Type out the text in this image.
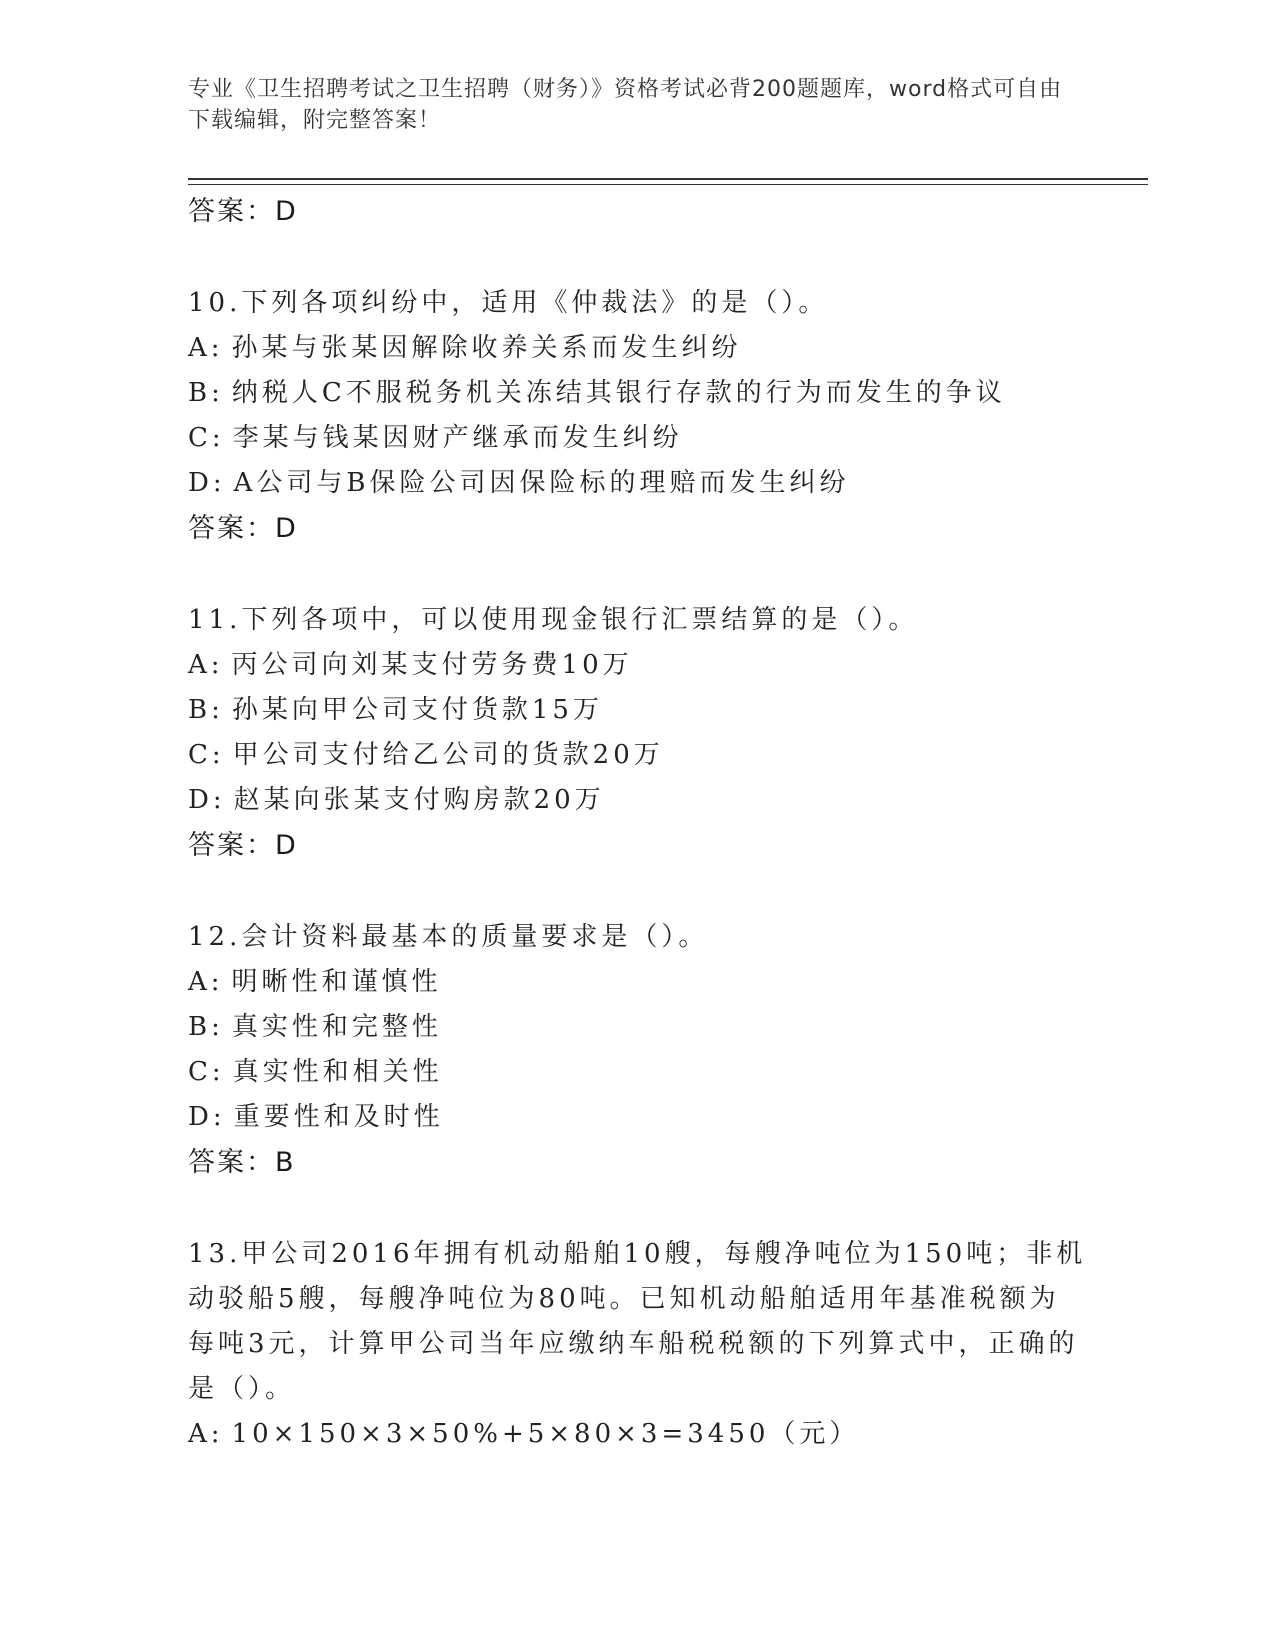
专业《卫生招聘考试之卫生招聘（财务）》资格考试必背200题题库，word格式可自由下载编辑，附完整答案！
答案：D
10.下列各项纠纷中，适用《仲裁法》的是（）。
A: 孙某与张某因解除收养关系而发生纠纷
B: 纳税人C不服税务机关冻结其银行存款的行为而发生的争议
C: 李某与钱某因财产继承而发生纠纷
D: A公司与B保险公司因保险标的理赔而发生纠纷
答案：D
11.下列各项中，可以使用现金银行汇票结算的是（）。
A: 丙公司向刘某支付劳务费10万
B: 孙某向甲公司支付货款15万
C: 甲公司支付给乙公司的货款20万
D: 赵某向张某支付购房款20万
答案：D
12.会计资料最基本的质量要求是（）。
A: 明晰性和谨慎性
B: 真实性和完整性
C: 真实性和相关性
D: 重要性和及时性
答案：B
13.甲公司2016年拥有机动船舶10艘，每艘净吨位为150吨；非机动驳船5艘，每艘净吨位为80吨。已知机动船舶适用年基准税额为每吨3元，计算甲公司当年应缴纳车船税税额的下列算式中，正确的是（）。
A: 10×150×3×50%+5×80×3=3450（元）
